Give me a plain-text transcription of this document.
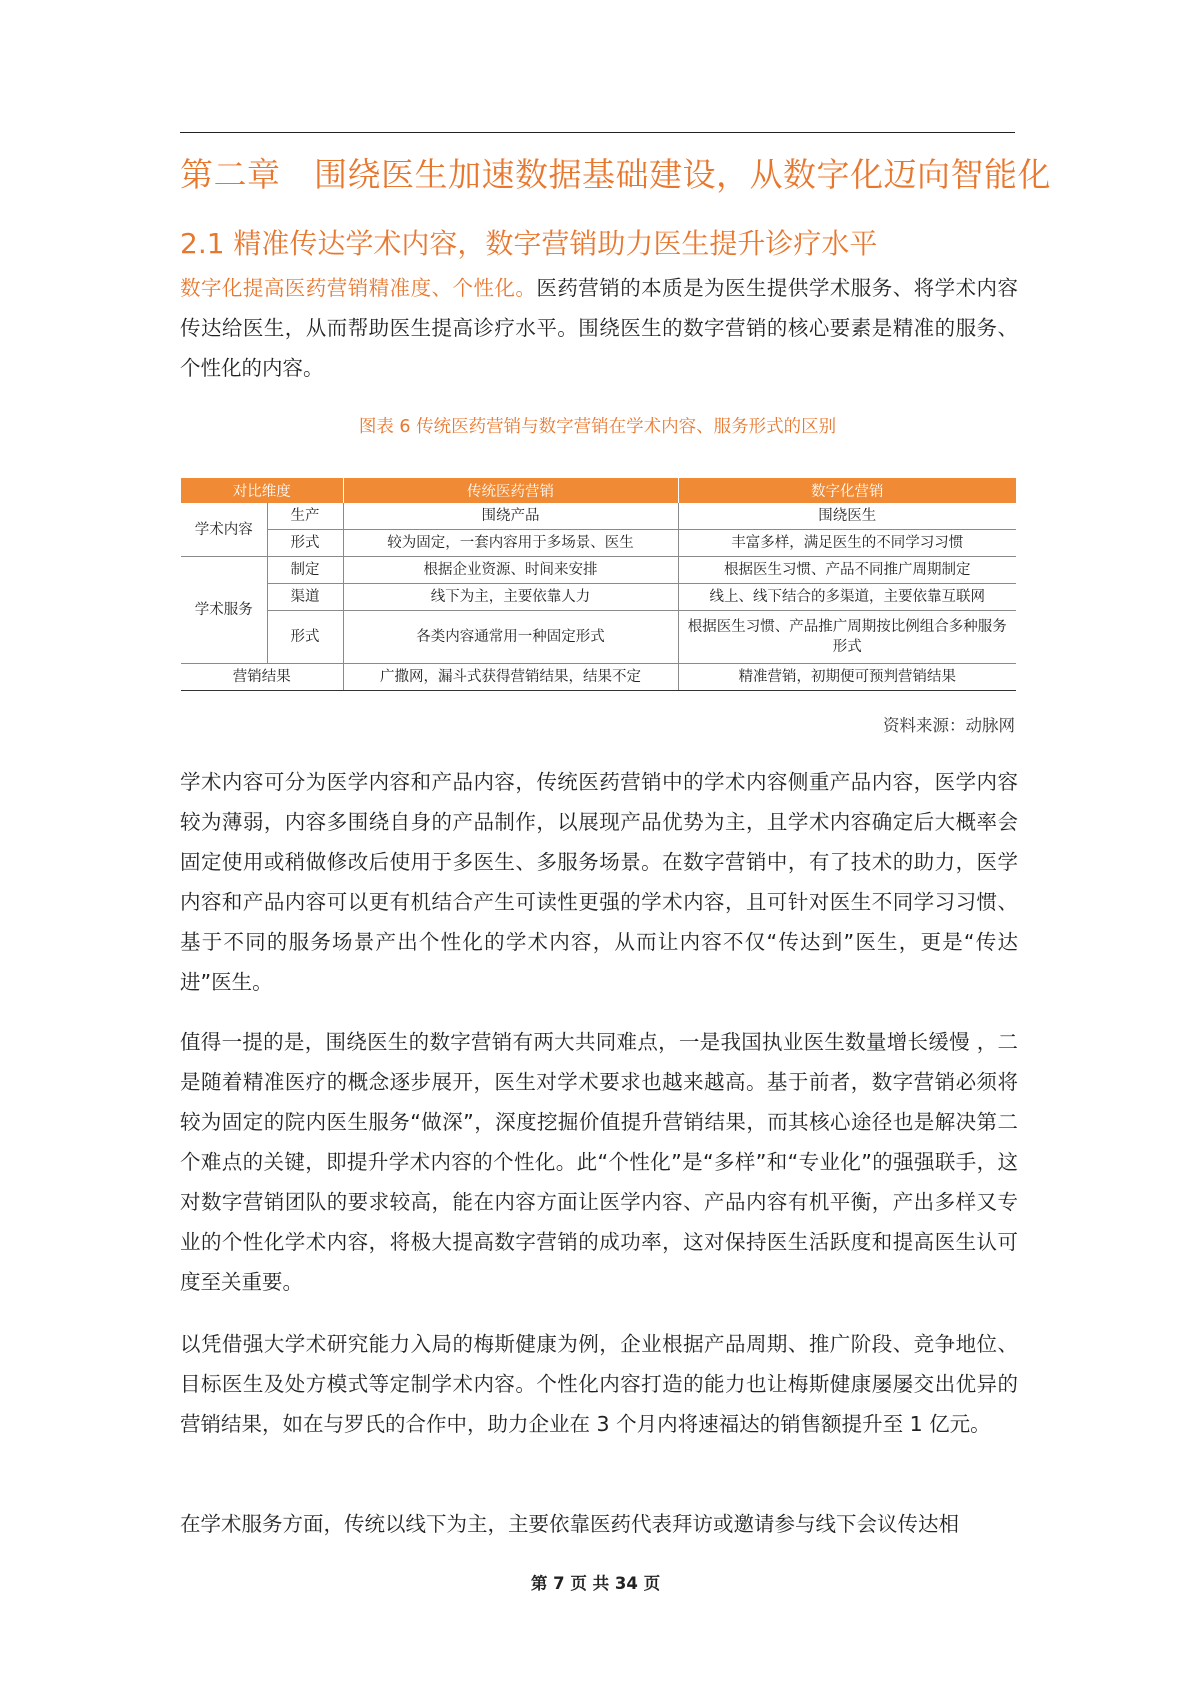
第二章　围绕医生加速数据基础建设，从数字化迈向智能化
2.1 精准传达学术内容，数字营销助力医生提升诊疗水平
数字化提高医药营销精准度、个性化。医药营销的本质是为医生提供学术服务、将学术内容传达给医生，从而帮助医生提高诊疗水平。围绕医生的数字营销的核心要素是精准的服务、个性化的内容。
图表 6 传统医药营销与数字营销在学术内容、服务形式的区别
对比维度		传统医药营销	数字化营销
学术内容	生产	围绕产品	围绕医生
	形式	较为固定，一套内容用于多场景、医生	丰富多样，满足医生的不同学习习惯
学术服务	制定	根据企业资源、时间来安排	根据医生习惯、产品不同推广周期制定
	渠道	线下为主，主要依靠人力	线上、线下结合的多渠道，主要依靠互联网
	形式	各类内容通常用一种固定形式	根据医生习惯、产品推广周期按比例组合多种服务形式
营销结果		广撒网，漏斗式获得营销结果，结果不定	精准营销，初期便可预判营销结果
资料来源：动脉网
学术内容可分为医学内容和产品内容，传统医药营销中的学术内容侧重产品内容，医学内容较为薄弱，内容多围绕自身的产品制作，以展现产品优势为主，且学术内容确定后大概率会固定使用或稍做修改后使用于多医生、多服务场景。在数字营销中，有了技术的助力，医学内容和产品内容可以更有机结合产生可读性更强的学术内容，且可针对医生不同学习习惯、基于不同的服务场景产出个性化的学术内容，从而让内容不仅“传达到”医生，更是“传达进”医生。
值得一提的是，围绕医生的数字营销有两大共同难点，一是我国执业医生数量增长缓慢 ，二是随着精准医疗的概念逐步展开，医生对学术要求也越来越高。基于前者，数字营销必须将较为固定的院内医生服务“做深”，深度挖掘价值提升营销结果，而其核心途径也是解决第二个难点的关键，即提升学术内容的个性化。此“个性化”是“多样”和“专业化”的强强联手，这对数字营销团队的要求较高，能在内容方面让医学内容、产品内容有机平衡，产出多样又专业的个性化学术内容，将极大提高数字营销的成功率，这对保持医生活跃度和提高医生认可度至关重要。
以凭借强大学术研究能力入局的梅斯健康为例，企业根据产品周期、推广阶段、竞争地位、目标医生及处方模式等定制学术内容。个性化内容打造的能力也让梅斯健康屡屡交出优异的营销结果，如在与罗氏的合作中，助力企业在 3 个月内将速福达的销售额提升至 1 亿元。
在学术服务方面，传统以线下为主，主要依靠医药代表拜访或邀请参与线下会议传达相
第 7 页 共 34 页
